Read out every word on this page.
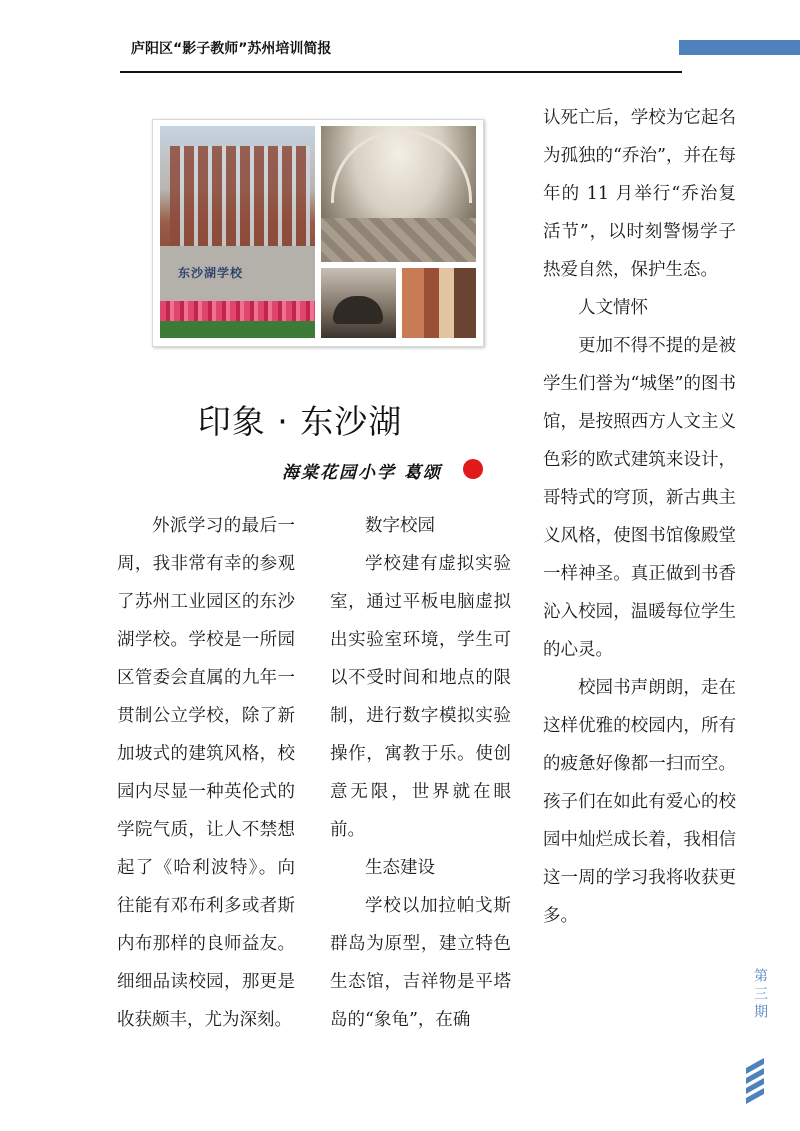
庐阳区“影子教师”苏州培训简报
东沙湖学校
印象 · 东沙湖
海棠花园小学 葛颂

外派学习的最后一周，我非常有幸的参观了苏州工业园区的东沙湖学校。学校是一所园区管委会直属的九年一贯制公立学校，除了新加坡式的建筑风格，校园内尽显一种英伦式的学院气质，让人不禁想起了《哈利波特》。向往能有邓布利多或者斯内布那样的良师益友。细细品读校园，那更是收获颇丰，尤为深刻。

数字校园

学校建有虚拟实验室，通过平板电脑虚拟出实验室环境，学生可以不受时间和地点的限制，进行数字模拟实验操作，寓教于乐。使创意无限，世界就在眼前。

生态建设

学校以加拉帕戈斯群岛为原型，建立特色生态馆，吉祥物是平塔岛的“象龟”，在确

认死亡后，学校为它起名为孤独的“乔治”，并在每年的 11 月举行“乔治复活节”，以时刻警惕学子热爱自然，保护生态。

人文情怀

更加不得不提的是被学生们誉为“城堡”的图书馆，是按照西方人文主义色彩的欧式建筑来设计，哥特式的穹顶，新古典主义风格，使图书馆像殿堂一样神圣。真正做到书香沁入校园，温暖每位学生的心灵。

校园书声朗朗，走在这样优雅的校园内，所有的疲惫好像都一扫而空。孩子们在如此有爱心的校园中灿烂成长着，我相信这一周的学习我将收获更多。

第三期
